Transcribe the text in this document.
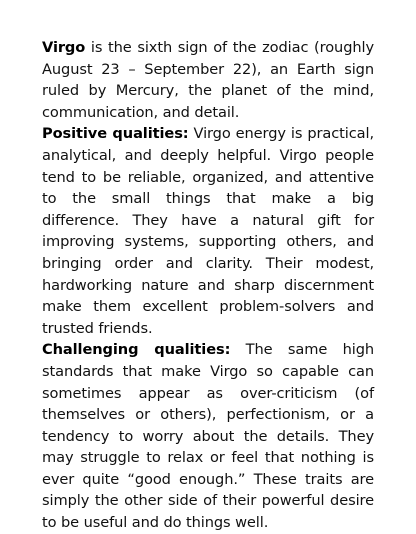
Virgo is the sixth sign of the zodiac (roughly August 23 – September 22), an Earth sign ruled by Mercury, the planet of the mind, communication, and detail.

Positive qualities: Virgo energy is practical, analytical, and deeply helpful. Virgo people tend to be reliable, organized, and attentive to the small things that make a big difference. They have a natural gift for improving systems, supporting others, and bringing order and clarity. Their modest, hardworking nature and sharp discernment make them excellent problem-solvers and trusted friends.

Challenging qualities: The same high standards that make Virgo so capable can sometimes appear as over-criticism (of themselves or others), perfectionism, or a tendency to worry about the details. They may struggle to relax or feel that nothing is ever quite “good enough.” These traits are simply the other side of their powerful desire to be useful and do things well.
